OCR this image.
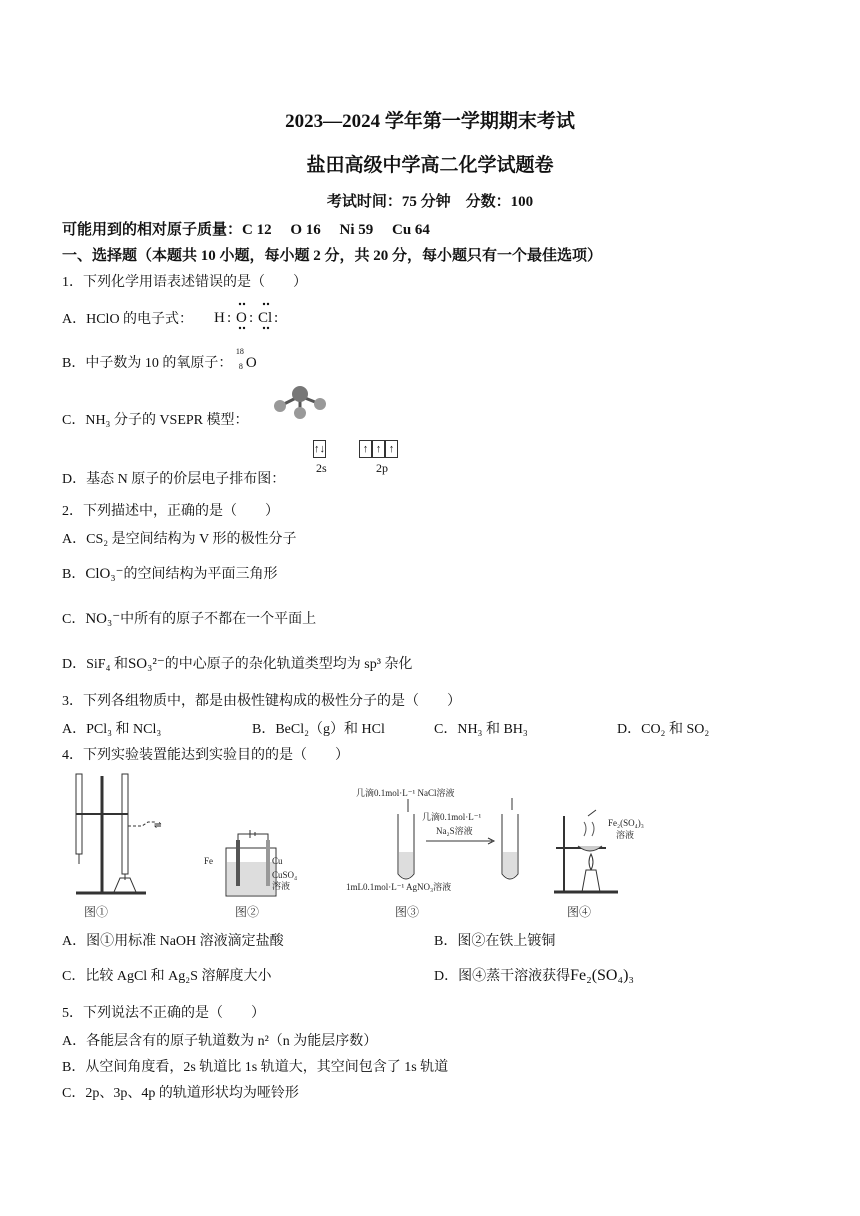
2023—2024 学年第一学期期末考试
盐田高级中学高二化学试题卷
考试时间：75 分钟　分数：100
可能用到的相对原子质量：C 12　 O 16　 Ni 59　 Cu 64
一、选择题（本题共 10 小题，每小题 2 分，共 20 分，每小题只有一个最佳选项）
1．下列化学用语表述错误的是（　　）
A．HClO 的电子式： H : O : Cl :
B．中子数为 10 的氧原子：
18
8 O
C．NH₃ 分子的 VSEPR 模型：
D．基态 N 原子的价层电子排布图：
↑↓	↑ ↑ ↑
2s	2p
2．下列描述中，正确的是（　　）
A．CS₂ 是空间结构为 V 形的极性分子
B．ClO₃⁻的空间结构为平面三角形
C．NO₃⁻中所有的原子不都在一个平面上
D．SiF₄ 和SO₃²⁻的中心原子的杂化轨道类型均为 sp³ 杂化
3．下列各组物质中，都是由极性键构成的极性分子的是（　　）
A．PCl₃ 和 NCl₃	B．BeCl₂（g）和 HCl	C．NH₃ 和 BH₃	D．CO₂ 和 SO₂
4．下列实验装置能达到实验目的的是（　　）
⇌
图①
Fe	Cu
CuSO₄
溶液
图②
几滴0.1mol·L⁻¹ NaCl溶液
几滴0.1mol·L⁻¹
Na₂S溶液
1mL0.1mol·L⁻¹ AgNO₃溶液
图③
Fe₂(SO₄)₃
溶液
图④
A．图①用标准 NaOH 溶液滴定盐酸	B．图②在铁上镀铜
C．比较 AgCl 和 Ag₂S 溶解度大小	D．图④蒸干溶液获得Fe₂(SO₄)₃
5．下列说法不正确的是（　　）
A．各能层含有的原子轨道数为 n²（n 为能层序数）
B．从空间角度看，2s 轨道比 1s 轨道大，其空间包含了 1s 轨道
C．2p、3p、4p 的轨道形状均为哑铃形
